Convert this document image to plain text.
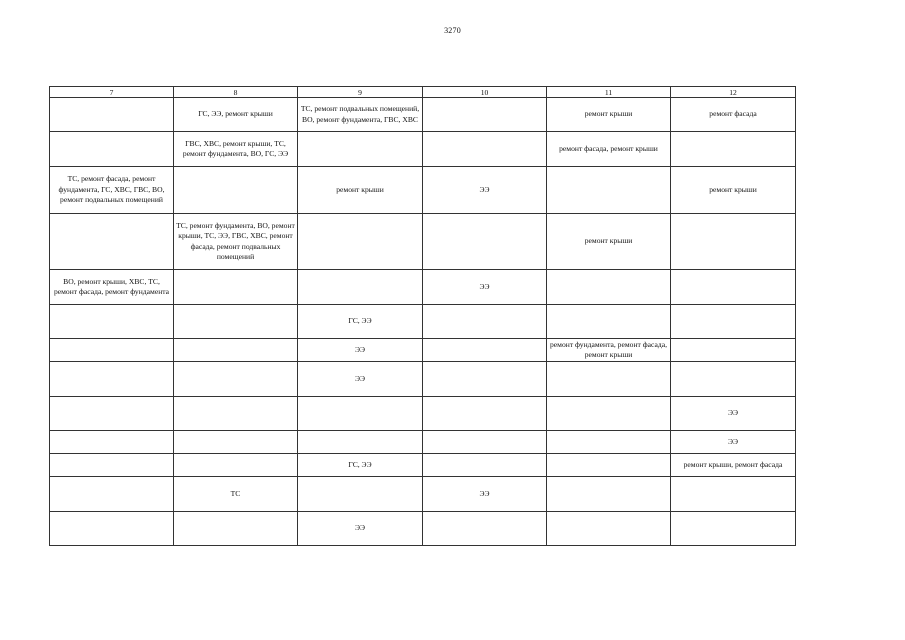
3270
7	8	9	10	11	12
	ГС, ЭЭ, ремонт крыши	ТС, ремонт подвальных помещений, ВО, ремонт фундамента, ГВС, ХВС		ремонт крыши	ремонт фасада
	ГВС, ХВС, ремонт крыши, ТС, ремонт фундамента, ВО, ГС, ЭЭ			ремонт фасада, ремонт крыши	
ТС, ремонт фасада, ремонт фундамента, ГС, ХВС, ГВС, ВО, ремонт подвальных помещений		ремонт крыши	ЭЭ		ремонт крыши
	ТС, ремонт фундамента, ВО, ремонт крыши, ТС, ЭЭ, ГВС, ХВС, ремонт фасада, ремонт подвальных помещений			ремонт крыши	
ВО, ремонт крыши, ХВС, ТС, ремонт фасада, ремонт фундамента			ЭЭ		
		ГС, ЭЭ			
		ЭЭ		ремонт фундамента, ремонт фасада, ремонт крыши	
		ЭЭ			
					ЭЭ
					ЭЭ
		ГС, ЭЭ			ремонт крыши, ремонт фасада
	ТС		ЭЭ		
		ЭЭ			
